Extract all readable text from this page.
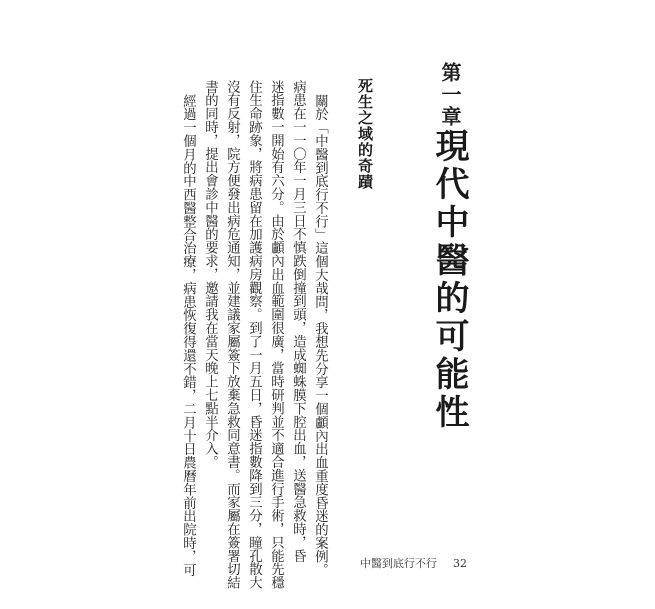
第一章
現代中醫的可能性
死生之域的奇蹟
關於「中醫到底行不行」這個大哉問，我想先分享一個顱內出血重度昏迷的案例。
病患在一一〇年一月三日不慎跌倒撞到頭，造成蜘蛛膜下腔出血，送醫急救時，昏
迷指數一開始有六分。由於顱內出血範圍很廣，當時研判並不適合進行手術，只能先穩
住生命跡象，將病患留在加護病房觀察。到了一月五日，昏迷指數降到三分，瞳孔散大
沒有反射，院方便發出病危通知，並建議家屬簽下放棄急救同意書。而家屬在簽署切結
書的同時，提出會診中醫的要求，邀請我在當天晚上七點半介入。
經過一個月的中西醫整合治療，病患恢復得還不錯，二月十日農曆年前出院時，可	中醫到底行不行 32
